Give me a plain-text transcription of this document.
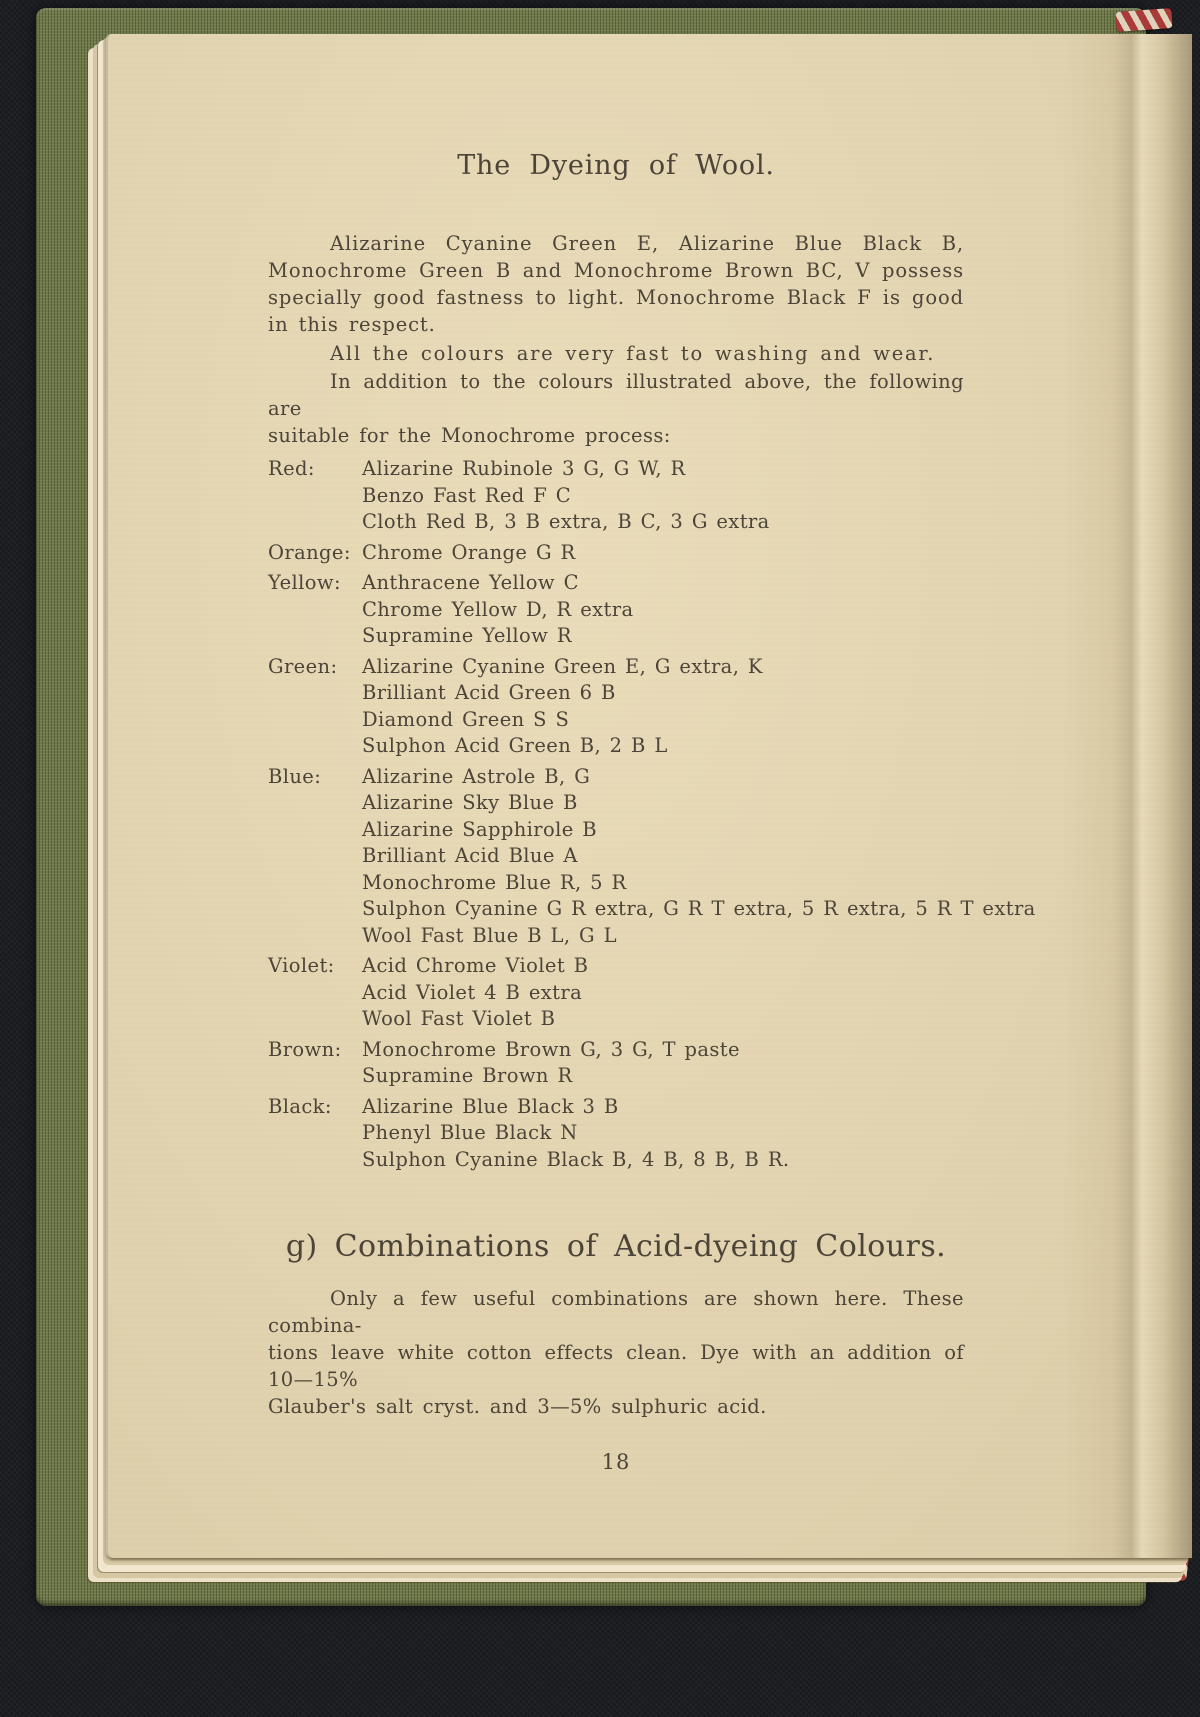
The Dyeing of Wool.
Alizarine Cyanine Green E, Alizarine Blue Black B,
Monochrome Green B and Monochrome Brown BC, V possess
specially good fastness to light. Monochrome Black F is good
in this respect.
All the colours are very fast to washing and wear.
In addition to the colours illustrated above, the following are
suitable for the Monochrome process:
Red:	Alizarine Rubinole 3 G, G W, R
Benzo Fast Red F C
Cloth Red B, 3 B extra, B C, 3 G extra
Orange: Chrome Orange G R
Yellow:	Anthracene Yellow C
Chrome Yellow D, R extra
Supramine Yellow R
Green:	Alizarine Cyanine Green E, G extra, K
Brilliant Acid Green 6 B
Diamond Green S S
Sulphon Acid Green B, 2 B L
Blue:	Alizarine Astrole B, G
Alizarine Sky Blue B
Alizarine Sapphirole B
Brilliant Acid Blue A
Monochrome Blue R, 5 R
Sulphon Cyanine G R extra, G R T extra, 5 R extra, 5 R T extra
Wool Fast Blue B L, G L
Violet:	Acid Chrome Violet B
Acid Violet 4 B extra
Wool Fast Violet B
Brown:	Monochrome Brown G, 3 G, T paste
Supramine Brown R
Black:	Alizarine Blue Black 3 B
Phenyl Blue Black N
Sulphon Cyanine Black B, 4 B, 8 B, B R.
g) Combinations of Acid-dyeing Colours.
Only a few useful combinations are shown here. These combina-
tions leave white cotton effects clean. Dye with an addition of 10—15%
Glauber's salt cryst. and 3—5% sulphuric acid.
18
